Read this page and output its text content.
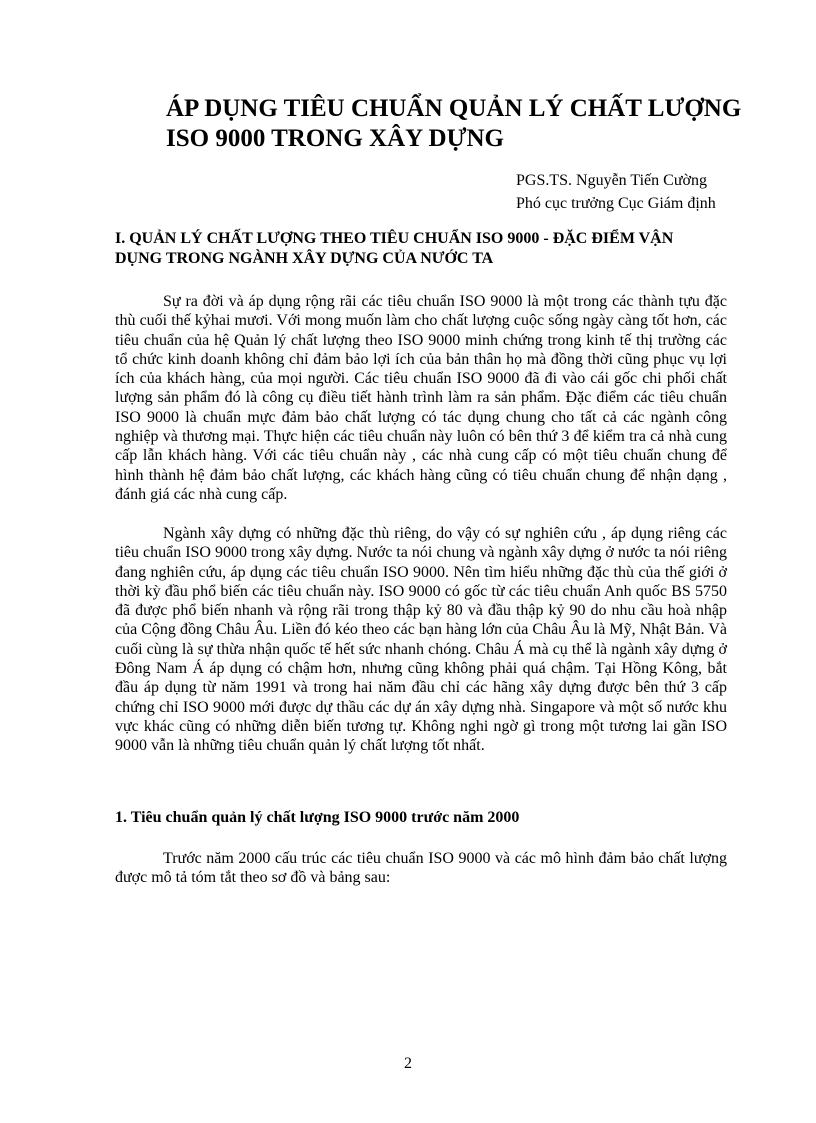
ÁP DỤNG TIÊU CHUẨN QUẢN LÝ CHẤT LƯỢNG
ISO 9000 TRONG XÂY DỰNG
PGS.TS. Nguyễn Tiến Cường
Phó cục trưởng Cục Giám định
I. QUẢN LÝ CHẤT LƯỢNG THEO TIÊU CHUẨN ISO 9000 - ĐẶC ĐIỂM VẬN
DỤNG TRONG NGÀNH XÂY DỰNG CỦA NƯỚC TA

Sự ra đời và áp dụng rộng rãi các tiêu chuẩn ISO 9000 là một trong các thành tựu đặc thù cuối thế kỷhai mươi. Với mong muốn làm cho chất lượng cuộc sống ngày càng tốt hơn, các tiêu chuẩn của hệ Quản lý chất lượng theo ISO 9000 minh chứng trong kinh tế thị trường các tổ chức kinh doanh không chỉ đảm bảo lợi ích của bản thân họ mà đồng thời cũng phục vụ lợi ích của khách hàng, của mọi người. Các tiêu chuẩn ISO 9000 đã đi vào cái gốc chi phối chất lượng sản phẩm đó là công cụ điều tiết hành trình làm ra sản phẩm. Đặc điểm các tiêu chuẩn ISO 9000 là chuẩn mực đảm bảo chất lượng có tác dụng chung cho tất cả các ngành công nghiệp và thương mại. Thực hiện các tiêu chuẩn này luôn có bên thứ 3 để kiểm tra cả nhà cung cấp lẫn khách hàng. Với các tiêu chuẩn này , các nhà cung cấp có một tiêu chuẩn chung để hình thành hệ đảm bảo chất lượng, các khách hàng cũng có tiêu chuẩn chung để nhận dạng , đánh giá các nhà cung cấp.

Ngành xây dựng có những đặc thù riêng, do vậy có sự nghiên cứu , áp dụng riêng các tiêu chuẩn ISO 9000 trong xây dựng. Nước ta nói chung và ngành xây dựng ở nước ta nói riêng đang nghiên cứu, áp dụng các tiêu chuẩn ISO 9000. Nên tìm hiểu những đặc thù của thế giới ở thời kỳ đầu phổ biến các tiêu chuẩn này. ISO 9000 có gốc từ các tiêu chuẩn Anh quốc BS 5750 đã được phổ biến nhanh và rộng rãi trong thập kỷ 80 và đầu thập kỷ 90 do nhu cầu hoà nhập của Cộng đồng Châu Âu. Liền đó kéo theo các bạn hàng lớn của Châu Âu là Mỹ, Nhật Bản. Và cuối cùng là sự thừa nhận quốc tế hết sức nhanh chóng. Châu Á mà cụ thể là ngành xây dựng ở Đông Nam Á áp dụng có chậm hơn, nhưng cũng không phải quá chậm. Tại Hồng Kông, bắt đầu áp dụng từ năm 1991 và trong hai năm đầu chỉ các hãng xây dựng được bên thứ 3 cấp chứng chỉ ISO 9000 mới được dự thầu các dự án xây dựng nhà. Singapore và một số nước khu vực khác cũng có những diễn biến tương tự. Không nghi ngờ gì trong một tương lai gần ISO 9000 vẫn là những tiêu chuẩn quản lý chất lượng tốt nhất.

1. Tiêu chuẩn quản lý chất lượng ISO 9000 trước năm 2000

Trước năm 2000 cấu trúc các tiêu chuẩn ISO 9000 và các mô hình đảm bảo chất lượng được mô tả tóm tắt theo sơ đồ và bảng sau:

2
